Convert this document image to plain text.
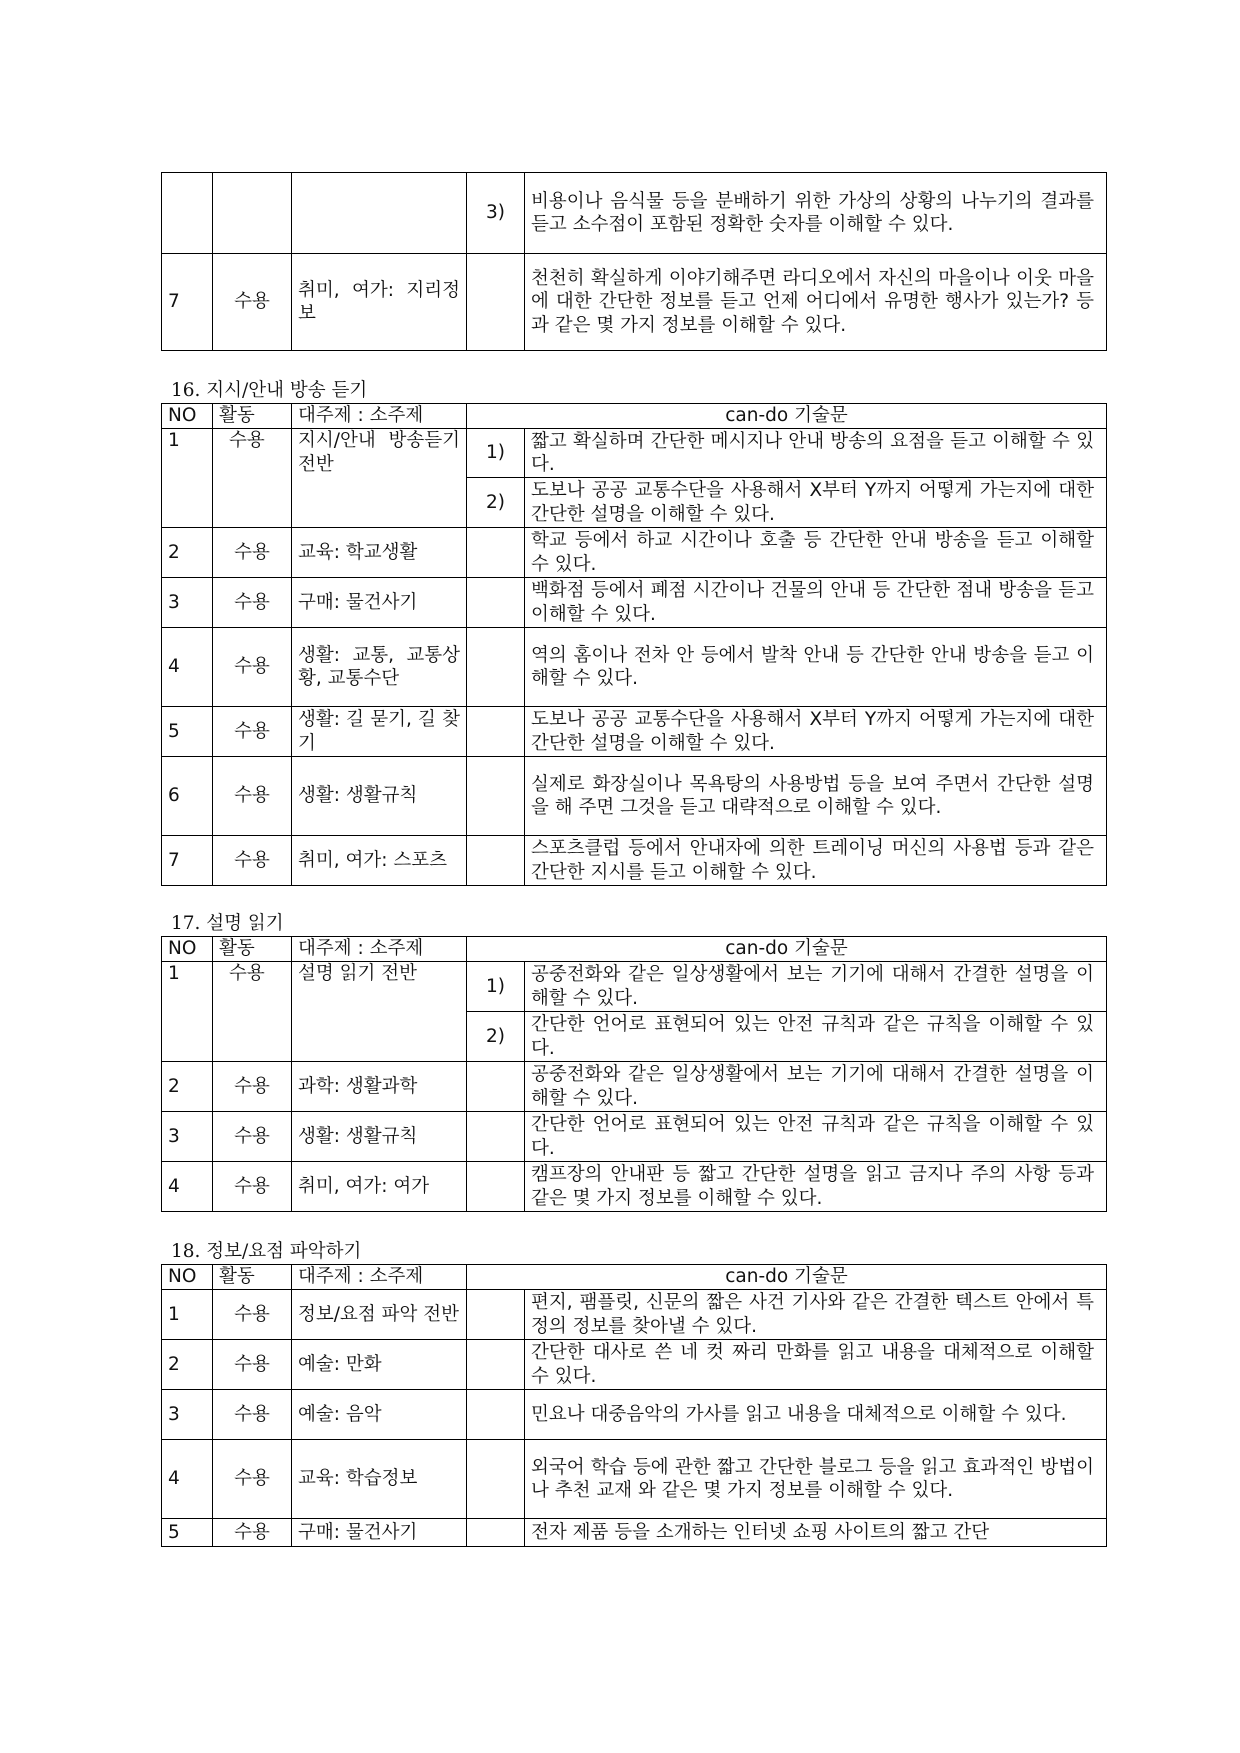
			3)	비용이나 음식물 등을 분배하기 위한 가상의 상황의 나누기의 결과를 듣고 소수점이 포함된 정확한 숫자를 이해할 수 있다.
7	수용	취미, 여가: 지리정보		천천히 확실하게 이야기해주면 라디오에서 자신의 마을이나 이웃 마을에 대한 간단한 정보를 듣고 언제 어디에서 유명한 행사가 있는가? 등과 같은 몇 가지 정보를 이해할 수 있다.
16. 지시/안내 방송 듣기
NO	활동	대주제 : 소주제	can-do 기술문	
1	수용	지시/안내 방송듣기전반	1)	짧고 확실하며 간단한 메시지나 안내 방송의 요점을 듣고 이해할 수 있다.
			2)	도보나 공공 교통수단을 사용해서 X부터 Y까지 어떻게 가는지에 대한 간단한 설명을 이해할 수 있다.
2	수용	교육: 학교생활		학교 등에서 하교 시간이나 호출 등 간단한 안내 방송을 듣고 이해할 수 있다.
3	수용	구매: 물건사기		백화점 등에서 폐점 시간이나 건물의 안내 등 간단한 점내 방송을 듣고 이해할 수 있다.
4	수용	생활: 교통, 교통상황, 교통수단		역의 홈이나 전차 안 등에서 발착 안내 등 간단한 안내 방송을 듣고 이해할 수 있다.
5	수용	생활: 길 묻기, 길 찾기		도보나 공공 교통수단을 사용해서 X부터 Y까지 어떻게 가는지에 대한 간단한 설명을 이해할 수 있다.
6	수용	생활: 생활규칙		실제로 화장실이나 목욕탕의 사용방법 등을 보여 주면서 간단한 설명을 해 주면 그것을 듣고 대략적으로 이해할 수 있다.
7	수용	취미, 여가: 스포츠		스포츠클럽 등에서 안내자에 의한 트레이닝 머신의 사용법 등과 같은 간단한 지시를 듣고 이해할 수 있다.
17. 설명 읽기
NO	활동	대주제 : 소주제	can-do 기술문	
1	수용	설명 읽기 전반	1)	공중전화와 같은 일상생활에서 보는 기기에 대해서 간결한 설명을 이해할 수 있다.
			2)	간단한 언어로 표현되어 있는 안전 규칙과 같은 규칙을 이해할 수 있다.
2	수용	과학: 생활과학		공중전화와 같은 일상생활에서 보는 기기에 대해서 간결한 설명을 이해할 수 있다.
3	수용	생활: 생활규칙		간단한 언어로 표현되어 있는 안전 규칙과 같은 규칙을 이해할 수 있다.
4	수용	취미, 여가: 여가		캠프장의 안내판 등 짧고 간단한 설명을 읽고 금지나 주의 사항 등과 같은 몇 가지 정보를 이해할 수 있다.
18. 정보/요점 파악하기
NO	활동	대주제 : 소주제	can-do 기술문	
1	수용	정보/요점 파악 전반		편지, 팸플릿, 신문의 짧은 사건 기사와 같은 간결한 텍스트 안에서 특정의 정보를 찾아낼 수 있다.
2	수용	예술: 만화		간단한 대사로 쓴 네 컷 짜리 만화를 읽고 내용을 대체적으로 이해할 수 있다.
3	수용	예술: 음악		민요나 대중음악의 가사를 읽고 내용을 대체적으로 이해할 수 있다.
4	수용	교육: 학습정보		외국어 학습 등에 관한 짧고 간단한 블로그 등을 읽고 효과적인 방법이나 추천 교재 와 같은 몇 가지 정보를 이해할 수 있다.
5	수용	구매: 물건사기		전자 제품 등을 소개하는 인터넷 쇼핑 사이트의 짧고 간단
